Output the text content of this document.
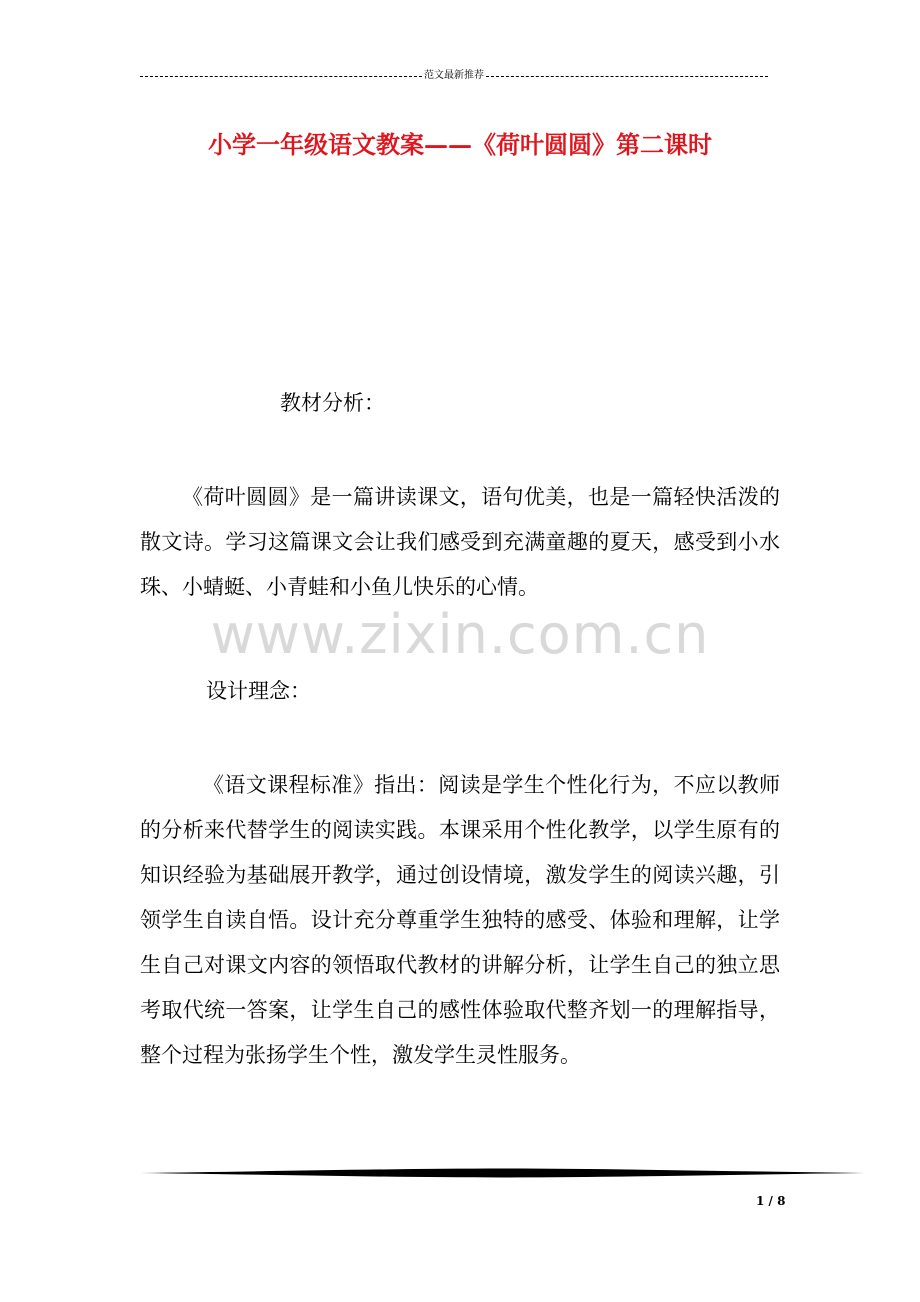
范文最新推荐
小学一年级语文教案——《荷叶圆圆》第二课时
教材分析：
《荷叶圆圆》是一篇讲读课文，语句优美，也是一篇轻快活泼的散文诗。学习这篇课文会让我们感受到充满童趣的夏天，感受到小水珠、小蜻蜓、小青蛙和小鱼儿快乐的心情。
www.zixin.com.cn
设计理念：
《语文课程标准》指出：阅读是学生个性化行为，不应以教师的分析来代替学生的阅读实践。本课采用个性化教学，以学生原有的知识经验为基础展开教学，通过创设情境，激发学生的阅读兴趣，引领学生自读自悟。设计充分尊重学生独特的感受、体验和理解，让学生自己对课文内容的领悟取代教材的讲解分析，让学生自己的独立思考取代统一答案，让学生自己的感性体验取代整齐划一的理解指导，整个过程为张扬学生个性，激发学生灵性服务。
1 / 8
